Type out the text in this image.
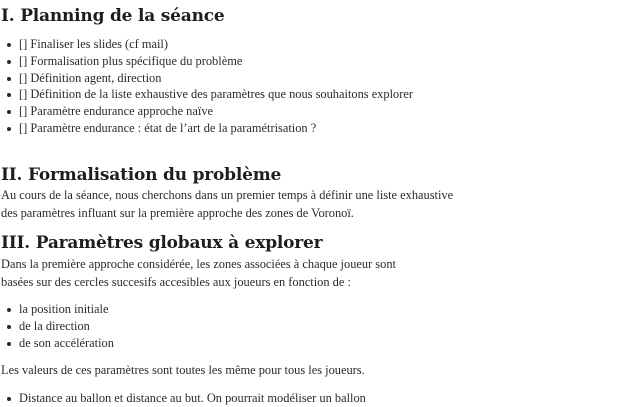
I. Planning de la séance
[] Finaliser les slides (cf mail)
[] Formalisation plus spécifique du problème
[] Définition agent, direction
[] Définition de la liste exhaustive des paramètres que nous souhaitons explorer
[] Paramètre endurance approche naïve
[] Paramètre endurance : état de l’art de la paramétrisation ?
II. Formalisation du problème

Au cours de la séance, nous cherchons dans un premier temps à définir une liste exhaustive des paramètres influant sur la première approche des zones de Voronoï.

III. Paramètres globaux à explorer

Dans la première approche considérée, les zones associées à chaque joueur sont basées sur des cercles succesifs accesibles aux joueurs en fonction de :

la position initiale
de la direction
de son accélération

Les valeurs de ces paramètres sont toutes les même pour tous les joueurs.

Distance au ballon et distance au but. On pourrait modéliser un ballon
